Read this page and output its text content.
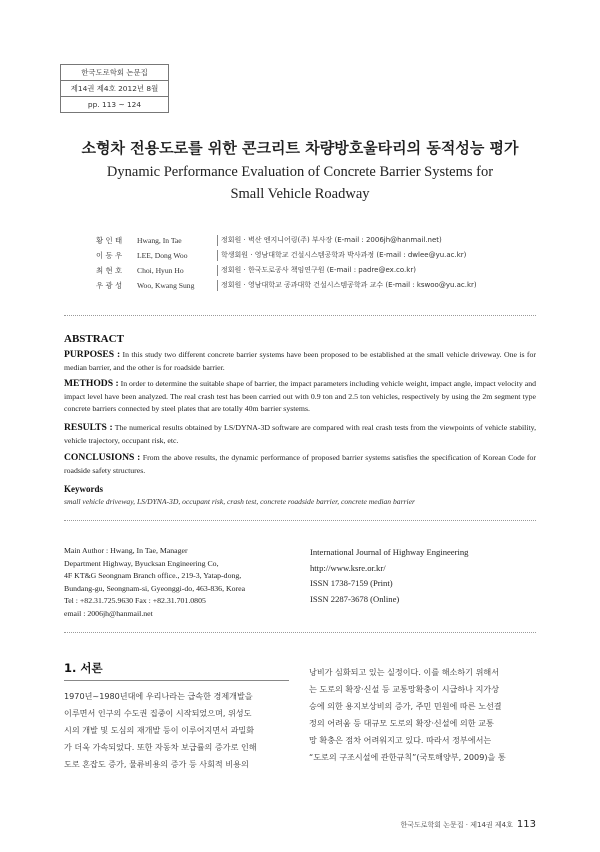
한국도로학회 논문집
제14권 제4호 2012년 8월
pp. 113 ~ 124
소형차 전용도로를 위한 콘크리트 차량방호울타리의 동적성능 평가
Dynamic Performance Evaluation of Concrete Barrier Systems for
Small Vehicle Roadway
황 인 태 Hwang, In Tae	정회원 · 벽산 엔지니어링(주) 부사장 (E-mail : 2006jh@hanmail.net)
이 동 우 LEE, Dong Woo	학생회원 · 영남대학교 건설시스템공학과 박사과정 (E-mail : dwlee@yu.ac.kr)
최 현 호 Choi, Hyun Ho	정회원 · 한국도로공사 책임연구원 (E-mail : padre@ex.co.kr)
우 광 성 Woo, Kwang Sung	정회원 · 영남대학교 공과대학 건설시스템공학과 교수 (E-mail : kswoo@yu.ac.kr)
ABSTRACT

PURPOSES : In this study two different concrete barrier systems have been proposed to be established at the small vehicle driveway. One is for median barrier, and the other is for roadside barrier.

METHODS : In order to determine the suitable shape of barrier, the impact parameters including vehicle weight, impact angle, impact velocity and impact level have been analyzed. The real crash test has been carried out with 0.9 ton and 2.5 ton vehicles, respectively by using the 2m segment type concrete barriers connected by steel plates that are totally 40m barrier systems.

RESULTS : The numerical results obtained by LS/DYNA-3D software are compared with real crash tests from the viewpoints of vehicle stability, vehicle trajectory, occupant risk, etc.

CONCLUSIONS : From the above results, the dynamic performance of proposed barrier systems satisfies the specification of Korean Code for roadside safety structures.

Keywords
small vehicle driveway, LS/DYNA-3D, occupant risk, crash test, concrete roadside barrier, concrete median barrier
Main Author : Hwang, In Tae, Manager
Department Highway, Byucksan Engineering Co,
4F KT&G Seongnam Branch office., 219-3, Yatap-dong,
Bundang-gu, Seongnam-si, Gyeonggi-do, 463-836, Korea
Tel : +82.31.725.9630 Fax : +82.31.701.0805
email : 2006jh@hanmail.net
International Journal of Highway Engineering
http://www.ksre.or.kr/
ISSN 1738-7159 (Print)
ISSN 2287-3678 (Online)
1. 서론
1970년~1980년대에 우리나라는 급속한 경제개발을
이루면서 인구의 수도권 집중이 시작되었으며, 위성도
시의 개발 및 도심의 재개발 등이 이루어지면서 과밀화
가 더욱 가속되었다. 또한 자동차 보급률의 증가로 인해
도로 혼잡도 증가, 물류비용의 증가 등 사회적 비용의
낭비가 심화되고 있는 실정이다. 이를 해소하기 위해서
는 도로의 확장·신설 등 교통망확충이 시급하나 지가상
승에 의한 용지보상비의 증가, 주민 민원에 따른 노선결
정의 어려움 등 대규모 도로의 확장·신설에 의한 교통
망 확충은 점차 어려워지고 있다. 따라서 정부에서는
“도로의 구조시설에 관한규칙”(국토해양부, 2009)을 통
한국도로학회 논문집 · 제14권 제4호 113
